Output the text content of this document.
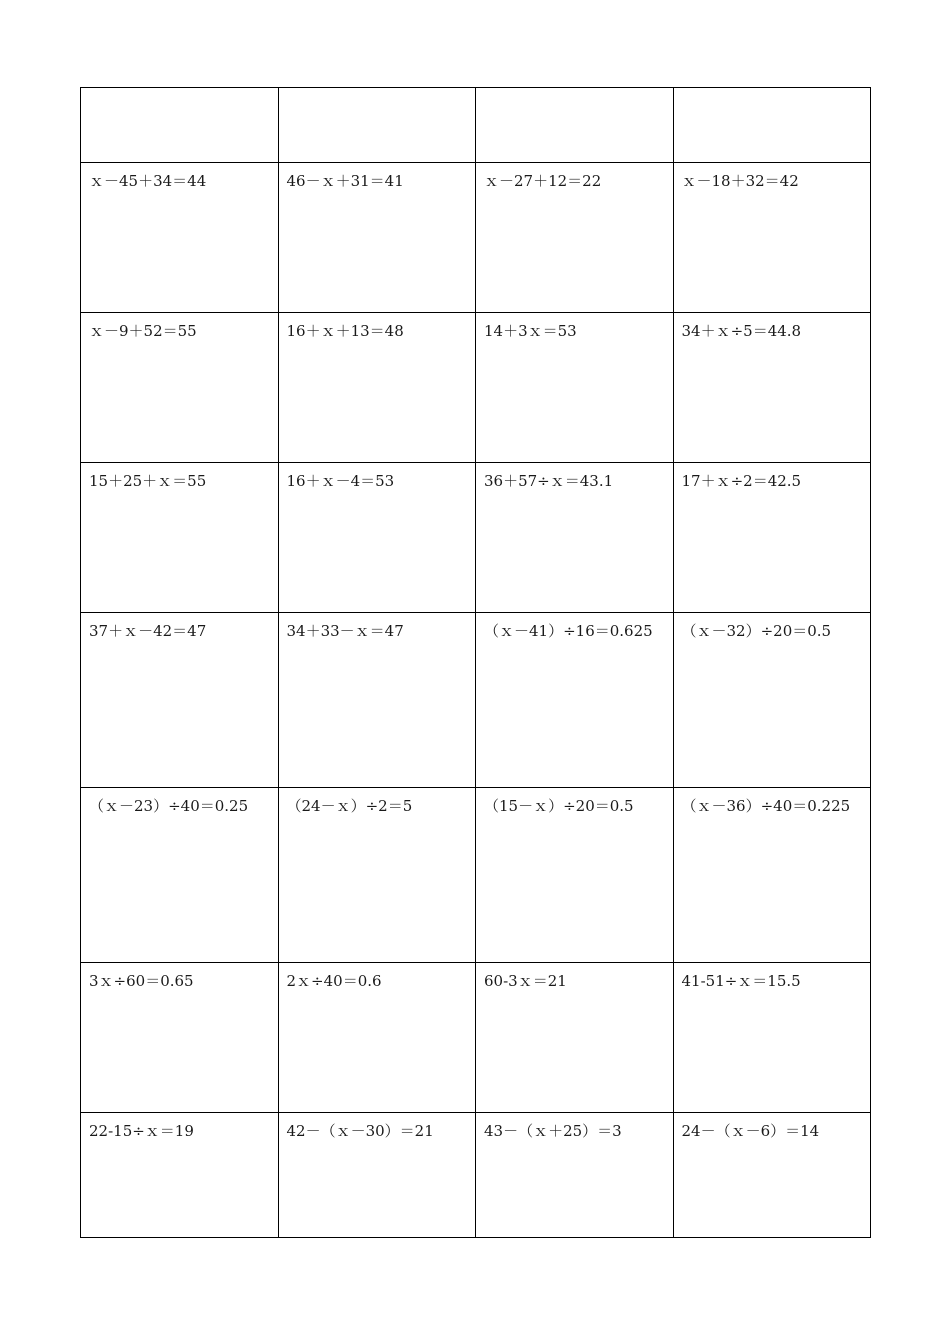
ｘ－45＋34＝44	46－ｘ＋31＝41	ｘ－27＋12＝22	ｘ－18＋32＝42
ｘ－9＋52＝55	16＋ｘ＋13＝48	14＋3ｘ＝53	34＋ｘ÷5＝44.8
15＋25＋ｘ＝55	16＋ｘ－4＝53	36＋57÷ｘ＝43.1	17＋ｘ÷2＝42.5
37＋ｘ－42＝47	34＋33－ｘ＝47	（ｘ－41）÷16＝0.625	（ｘ－32）÷20＝0.5
（ｘ－23）÷40＝0.25	（24－ｘ）÷2＝5	（15－ｘ）÷20＝0.5	（ｘ－36）÷40＝0.225
3ｘ÷60＝0.65	2ｘ÷40＝0.6	60-3ｘ＝21	41-51÷ｘ＝15.5
22-15÷ｘ＝19	42－（ｘ－30）＝21	43－（ｘ＋25）＝3	24－（ｘ－6）＝14
